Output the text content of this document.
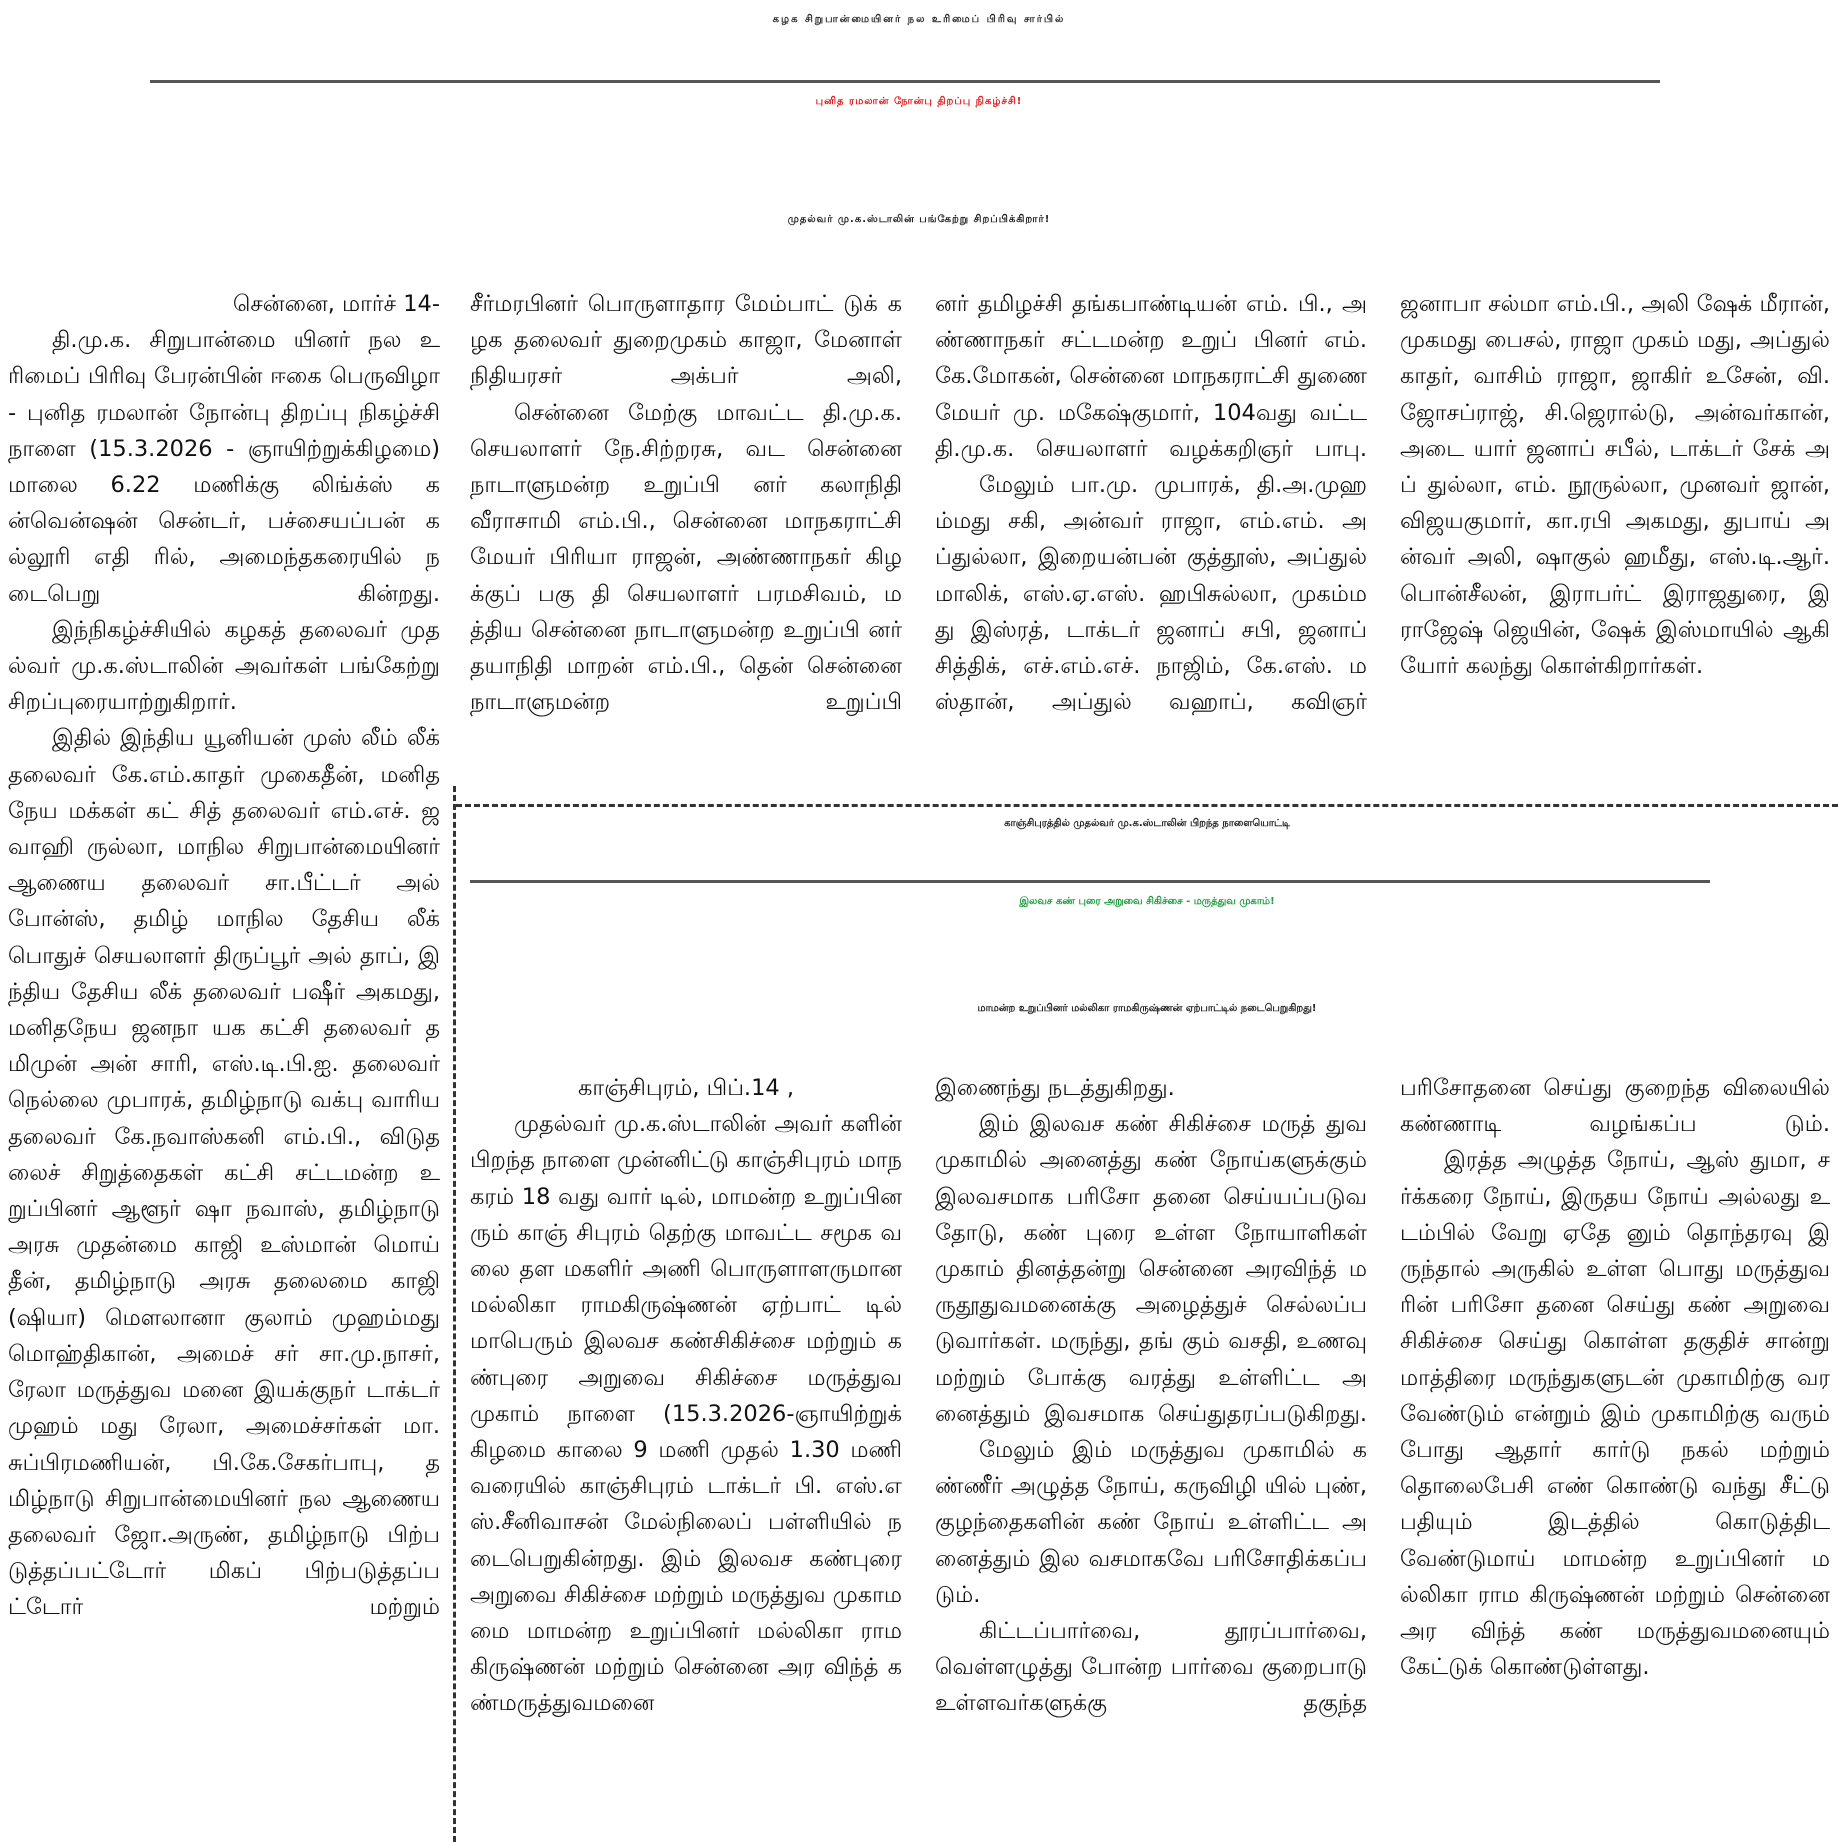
கழக சிறுபான்மையினர் நல உரிமைப் பிரிவு சார்பில்
புனித ரமலான் நோன்பு திறப்பு நிகழ்ச்சி!
முதல்வர் மு.க.ஸ்டாலின் பங்கேற்று சிறப்பிக்கிறார்!

சென்னை, மார்ச் 14-

தி.மு.க. சிறுபான்மை யினர் நல உரிமைப் பிரிவு பேரன்பின் ஈகை பெருவிழா - புனித ரமலான் நோன்பு திறப்பு நிகழ்ச்சி நாளை (15.3.2026 - ஞாயிற்றுக்கிழமை) மாலை 6.22 மணிக்கு லிங்க்ஸ் கன்வென்ஷன் சென்டர், பச்சையப்பன் கல்லூரி எதி ரில், அமைந்தகரையில் நடைபெறு கின்றது.

இந்நிகழ்ச்சியில் கழகத் தலைவர் முதல்வர் மு.க.ஸ்டாலின் அவர்கள் பங்கேற்று சிறப்புரையாற்றுகிறார்.

இதில் இந்திய யூனியன் முஸ் லீம் லீக் தலைவர் கே.எம்.காதர் முகைதீன், மனிதநேய மக்கள் கட் சித் தலைவர் எம்.எச். ஜவாஹி ருல்லா, மாநில சிறுபான்மையினர் ஆணைய தலைவர் சா.பீட்டர் அல் போன்ஸ், தமிழ் மாநில தேசிய லீக் பொதுச் செயலாளர் திருப்பூர் அல் தாப், இந்திய தேசிய லீக் தலைவர் பஷீர் அகமது, மனிதநேய ஜனநா யக கட்சி தலைவர் தமிமுன் அன் சாரி, எஸ்.டி.பி.ஐ. தலைவர் நெல்லை முபாரக், தமிழ்நாடு வக்பு வாரிய தலைவர் கே.நவாஸ்கனி எம்.பி., விடுதலைச் சிறுத்தைகள் கட்சி சட்டமன்ற உறுப்பினர் ஆளூர் ஷா நவாஸ், தமிழ்நாடு அரசு முதன்மை காஜி உஸ்மான் மொய் தீன், தமிழ்நாடு அரசு தலைமை காஜி (ஷியா) மௌலானா குலாம் முஹம்மது மொஹ்திகான், அமைச் சர் சா.மு.நாசர், ரேலா மருத்துவ மனை இயக்குநர் டாக்டர் முஹம் மது ரேலா, அமைச்சர்கள் மா. சுப்பிரமணியன், பி.கே.சேகர்பாபு, தமிழ்நாடு சிறுபான்மையினர் நல ஆணைய தலைவர் ஜோ.அருண், தமிழ்நாடு பிற்படுத்தப்பட்டோர் மிகப் பிற்படுத்தப்பட்டோர் மற்றும்

சீர்மரபினர் பொருளாதார மேம்பாட் டுக் கழக தலைவர் துறைமுகம் காஜா, மேனாள் நிதியரசர் அக்பர் அலி,

சென்னை மேற்கு மாவட்ட தி.மு.க. செயலாளர் நே.சிற்றரசு, வட சென்னை நாடாளுமன்ற உறுப்பி னர் கலாநிதி வீராசாமி எம்.பி., சென்னை மாநகராட்சி மேயர் பிரியா ராஜன், அண்ணாநகர் கிழக்குப் பகு தி செயலாளர் பரமசிவம், மத்திய சென்னை நாடாளுமன்ற உறுப்பி னர் தயாநிதி மாறன் எம்.பி., தென் சென்னை நாடாளுமன்ற உறுப்பி

னர் தமிழச்சி தங்கபாண்டியன் எம். பி., அண்ணாநகர் சட்டமன்ற உறுப் பினர் எம்.கே.மோகன், சென்னை மாநகராட்சி துணை மேயர் மு. மகேஷ்குமார், 104வது வட்ட தி.மு.க. செயலாளர் வழக்கறிஞர் பாபு.

மேலும் பா.மு. முபாரக், தி.அ.முஹம்மது சகி, அன்வர் ராஜா, எம்.எம். அப்துல்லா, இறையன்பன் குத்தூஸ், அப்துல் மாலிக், எஸ்.ஏ.எஸ். ஹபிசுல்லா, முகம்மது இஸ்ரத், டாக்டர் ஜனாப் சபி, ஜனாப் சித்திக், எச்.எம்.எச். நாஜிம், கே.எஸ். மஸ்தான், அப்துல் வஹாப், கவிஞர்

ஜனாபா சல்மா எம்.பி., அலி ஷேக் மீரான், முகமது பைசல், ராஜா முகம் மது, அப்துல் காதர், வாசிம் ராஜா, ஜாகிர் உசேன், வி.ஜோசப்ராஜ், சி.ஜெரால்டு, அன்வர்கான், அடை யார் ஜனாப் சபீல், டாக்டர் சேக் அப் துல்லா, எம். நூருல்லா, முனவர் ஜான், விஜயகுமார், கா.ரபி அகமது, துபாய் அன்வர் அலி, ஷாகுல் ஹமீது, எஸ்.டி.ஆர்.பொன்சீலன், இராபர்ட் இராஜதுரை, இராஜேஷ் ஜெயின், ஷேக் இஸ்மாயில் ஆகி யோர் கலந்து கொள்கிறார்கள்.

காஞ்சிபுரத்தில் முதல்வர் மு.க.ஸ்டாலின் பிறந்த நாளையொட்டி
இலவச கண் புரை அறுவை சிகிச்சை - மருத்துவ முகாம்!
மாமன்ற உறுப்பினர் மல்லிகா ராமகிருஷ்ணன் ஏற்பாட்டில் நடைபெறுகிறது!

காஞ்சிபுரம், பிப்.14 ,

முதல்வர் மு.க.ஸ்டாலின் அவர் களின் பிறந்த நாளை முன்னிட்டு காஞ்சிபுரம் மாநகரம் 18 வது வார் டில், மாமன்ற உறுப்பினரும் காஞ் சிபுரம் தெற்கு மாவட்ட சமூக வலை தள மகளிர் அணி பொருளாளருமான மல்லிகா ராமகிருஷ்ணன் ஏற்பாட் டில் மாபெரும் இலவச கண்சிகிச்சை மற்றும் கண்புரை அறுவை சிகிச்சை மருத்துவ முகாம் நாளை (15.3.2026-ஞாயிற்றுக் கிழமை காலை 9 மணி முதல் 1.30 மணி வரையில் காஞ்சிபுரம் டாக்டர் பி. எஸ்.எஸ்.சீனிவாசன் மேல்நிலைப் பள்ளியில் நடைபெறுகின்றது. இம் இலவச கண்புரை அறுவை சிகிச்சை மற்றும் மருத்துவ முகாமமை மாமன்ற உறுப்பினர் மல்லிகா ராம கிருஷ்ணன் மற்றும் சென்னை அர விந்த் கண்மருத்துவமனை

இணைந்து நடத்துகிறது.

இம் இலவச கண் சிகிச்சை மருத் துவ முகாமில் அனைத்து கண் நோய்களுக்கும் இலவசமாக பரிசோ தனை செய்யப்படுவதோடு, கண் புரை உள்ள நோயாளிகள் முகாம் தினத்தன்று சென்னை அரவிந்த் மருதூதுவமனைக்கு அழைத்துச் செல்லப்படுவார்கள். மருந்து, தங் கும் வசதி, உணவு மற்றும் போக்கு வரத்து உள்ளிட்ட அனைத்தும் இவசமாக செய்துதரப்படுகிறது.

மேலும் இம் மருத்துவ முகாமில் கண்ணீர் அழுத்த நோய், கருவிழி யில் புண், குழந்தைகளின் கண் நோய் உள்ளிட்ட அனைத்தும் இல வசமாகவே பரிசோதிக்கப்படும்.

கிட்டப்பார்வை, தூரப்பார்வை, வெள்ளழுத்து போன்ற பார்வை குறைபாடு உள்ளவர்களுக்கு தகுந்த

பரிசோதனை செய்து குறைந்த விலையில் கண்ணாடி வழங்கப்ப டும்.

இரத்த அழுத்த நோய், ஆஸ் துமா, சர்க்கரை நோய், இருதய நோய் அல்லது உடம்பில் வேறு ஏதே னும் தொந்தரவு இருந்தால் அருகில் உள்ள பொது மருத்துவரின் பரிசோ தனை செய்து கண் அறுவை சிகிச்சை செய்து கொள்ள தகுதிச் சான்று மாத்திரை மருந்துகளுடன் முகாமிற்கு வரவேண்டும் என்றும் இம் முகாமிற்கு வரும் போது ஆதார் கார்டு நகல் மற்றும் தொலைபேசி எண் கொண்டு வந்து சீட்டு பதியும் இடத்தில் கொடுத்திட வேண்டுமாய் மாமன்ற உறுப்பினர் மல்லிகா ராம கிருஷ்ணன் மற்றும் சென்னை அர விந்த் கண் மருத்துவமனையும் கேட்டுக் கொண்டுள்ளது.
